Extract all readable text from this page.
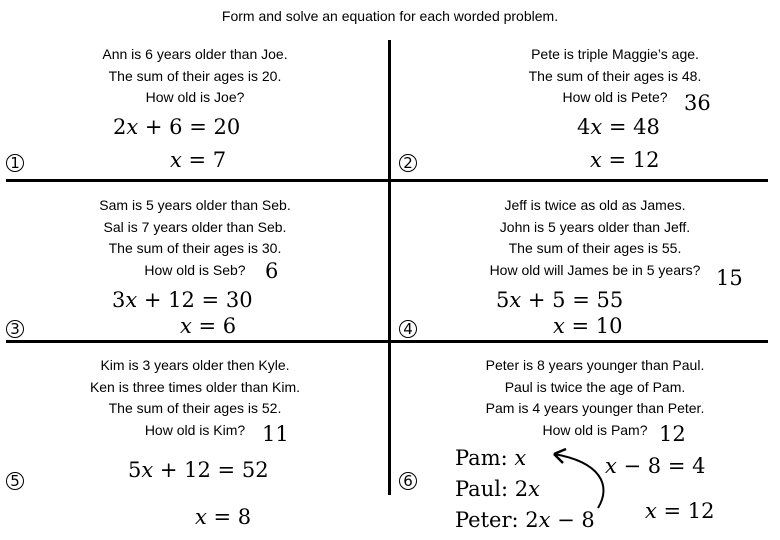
Form and solve an equation for each worded problem.
Ann is 6 years older than Joe.
The sum of their ages is 20.
How old is Joe?
2x + 6 = 20
x = 7
1
Pete is triple Maggie’s age.
The sum of their ages is 48.
How old is Pete? 36
4x = 48
x = 12
2
Sam is 5 years older than Seb.
Sal is 7 years older than Seb.
The sum of their ages is 30.
How old is Seb? 6
3x + 12 = 30
x = 6
3
Jeff is twice as old as James.
John is 5 years older than Jeff.
The sum of their ages is 55.
How old will James be in 5 years? 15
5x + 5 = 55
x = 10
4
Kim is 3 years older then Kyle.
Ken is three times older than Kim.
The sum of their ages is 52.
How old is Kim? 11
5x + 12 = 52
x = 8
5
Peter is 8 years younger than Paul.
Paul is twice the age of Pam.
Pam is 4 years younger than Peter.
How old is Pam? 12
Pam: x
Paul: 2x
Peter: 2x − 8
x − 8 = 4
x = 12
6
